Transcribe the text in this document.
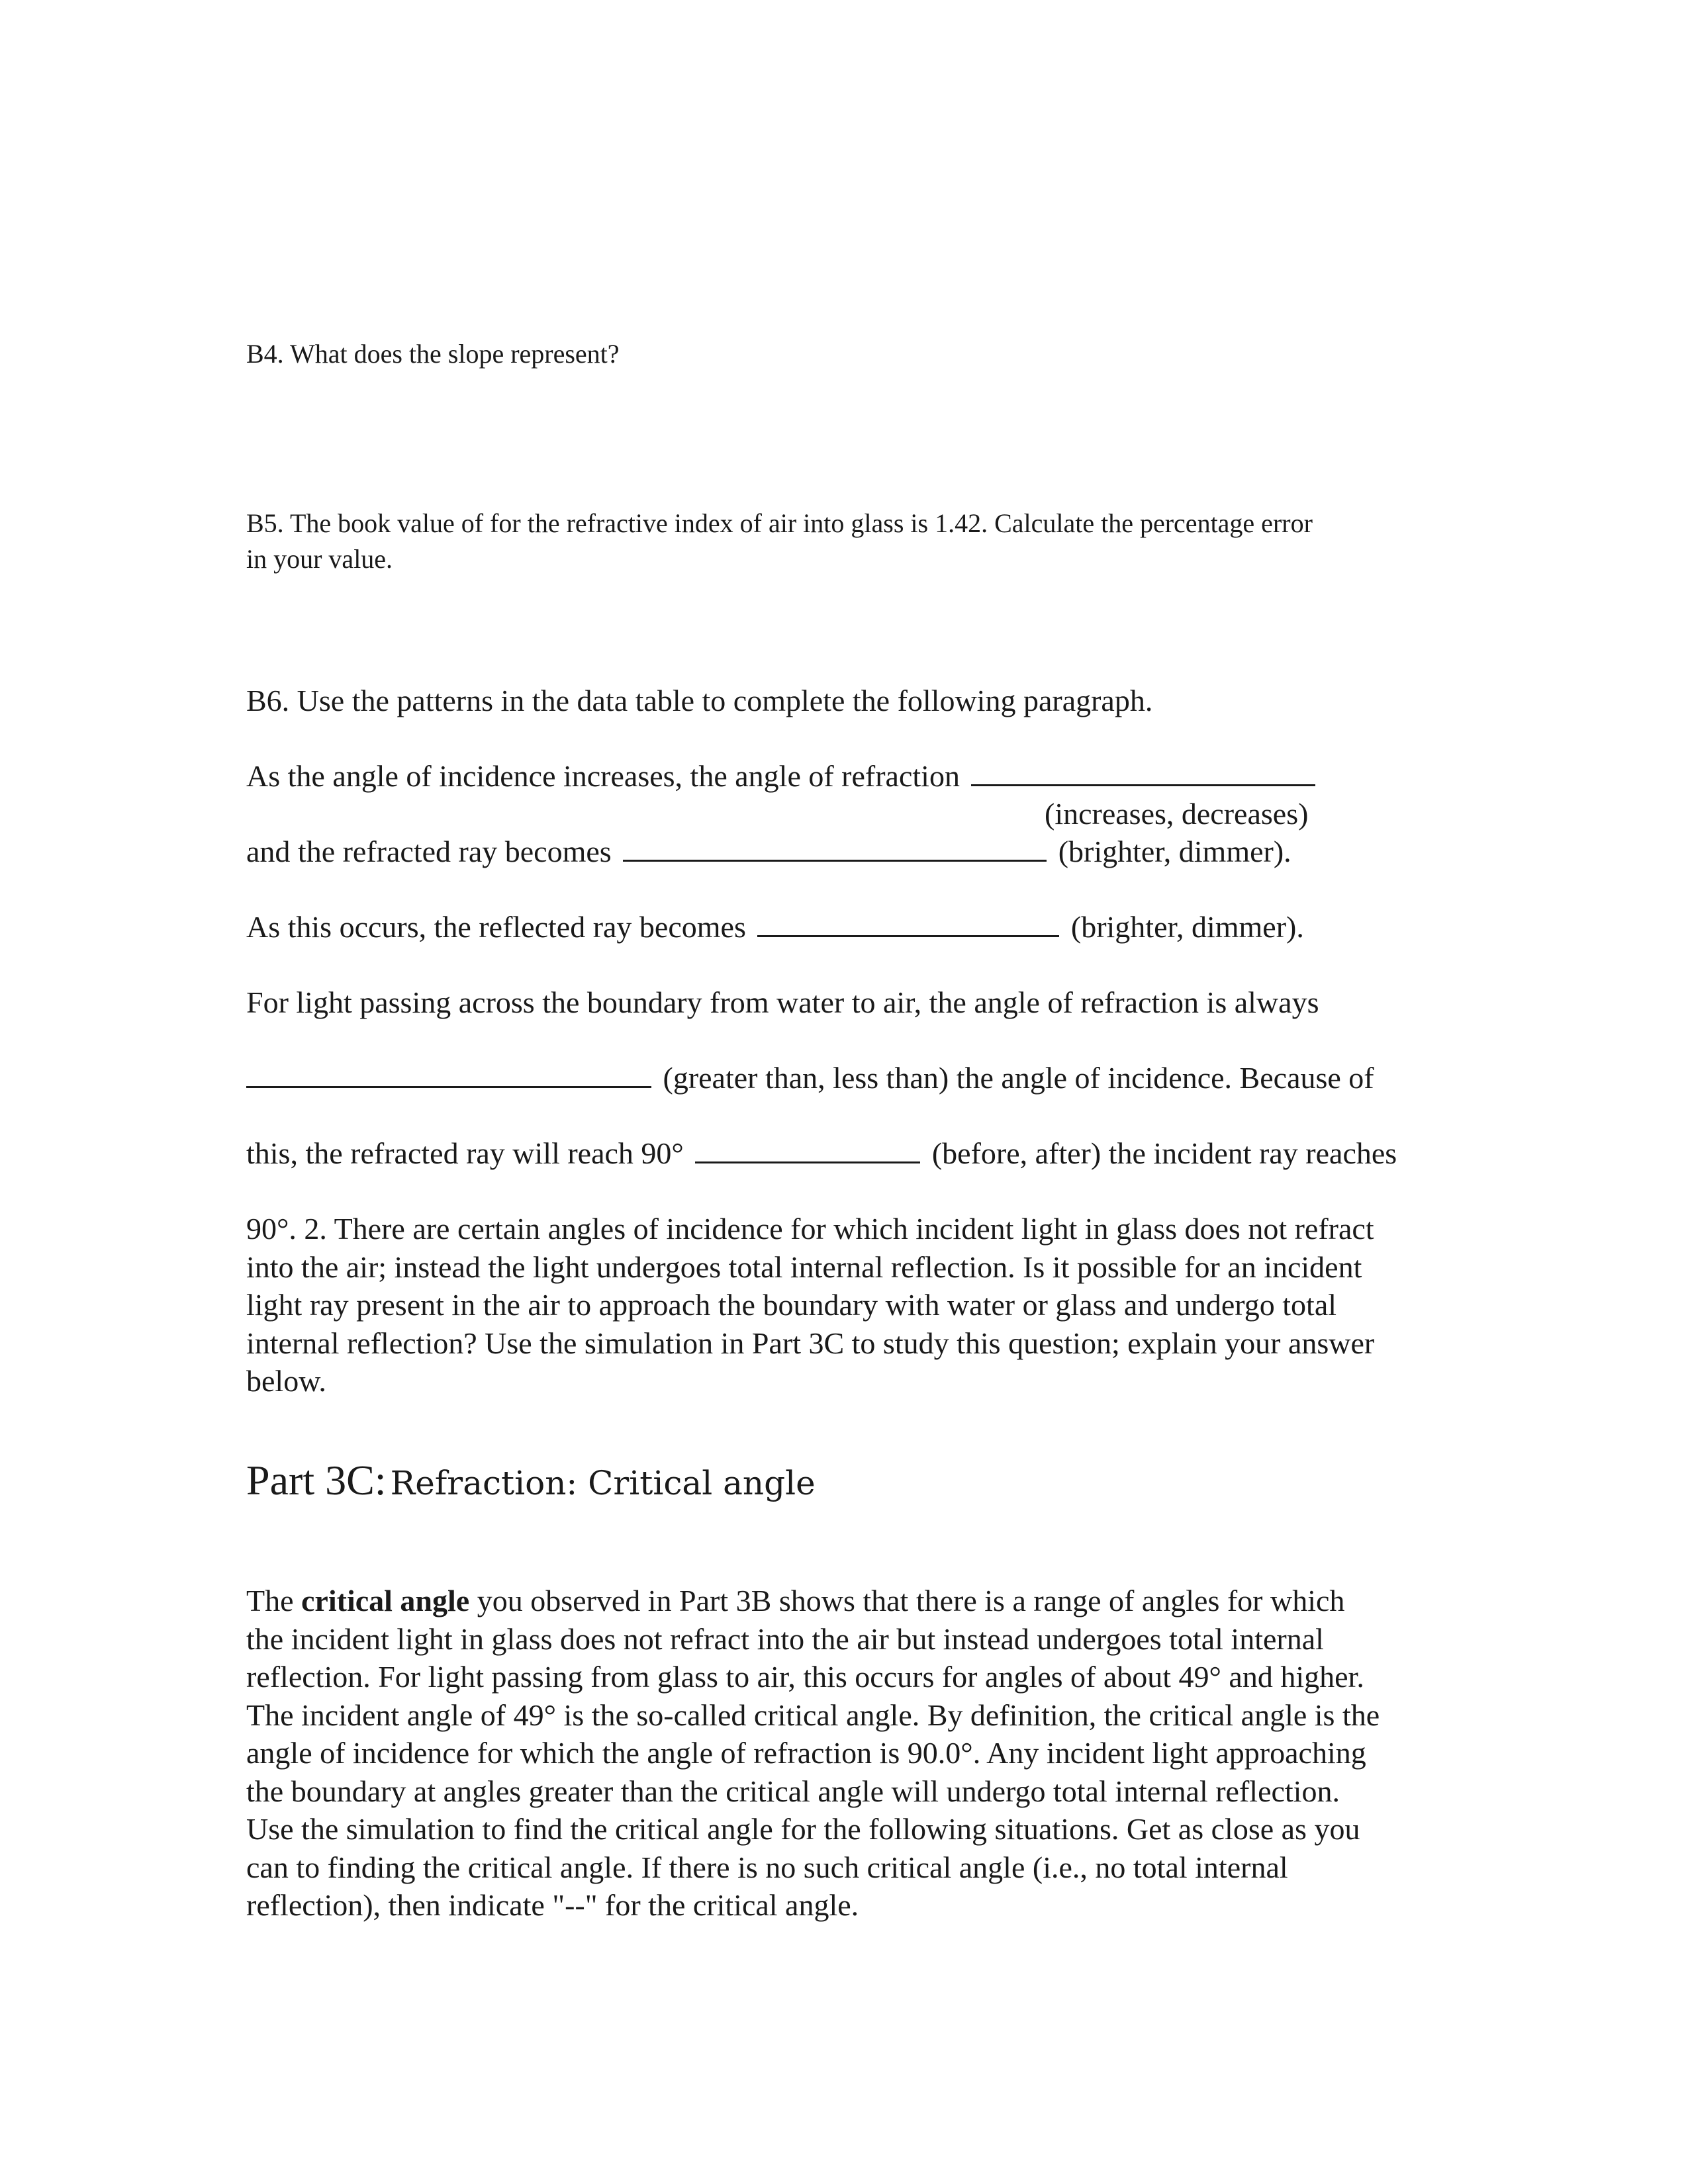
B4. What does the slope represent?

B5. The book value of for the refractive index of air into glass is 1.42. Calculate the percentage error

in your value.

B6. Use the patterns in the data table to complete the following paragraph.

As the angle of incidence increases, the angle of refraction

(increases, decreases)

and the refracted ray becomes	(brighter, dimmer).

As this occurs, the reflected ray becomes	(brighter, dimmer).

For light passing across the boundary from water to air, the angle of refraction is always

(greater than, less than) the angle of incidence. Because of

this, the refracted ray will reach 90°	(before, after) the incident ray reaches

90°. 2. There are certain angles of incidence for which incident light in glass does not refract
into the air; instead the light undergoes total internal reflection. Is it possible for an incident
light ray present in the air to approach the boundary with water or glass and undergo total
internal reflection? Use the simulation in Part 3C to study this question; explain your answer
below.
Part 3C: Refraction: Critical angle
The critical angle you observed in Part 3B shows that there is a range of angles for which
the incident light in glass does not refract into the air but instead undergoes total internal
reflection. For light passing from glass to air, this occurs for angles of about 49° and higher.
The incident angle of 49° is the so-called critical angle. By definition, the critical angle is the
angle of incidence for which the angle of refraction is 90.0°. Any incident light approaching
the boundary at angles greater than the critical angle will undergo total internal reflection.
Use the simulation to find the critical angle for the following situations. Get as close as you
can to finding the critical angle. If there is no such critical angle (i.e., no total internal
reflection), then indicate "--" for the critical angle.
